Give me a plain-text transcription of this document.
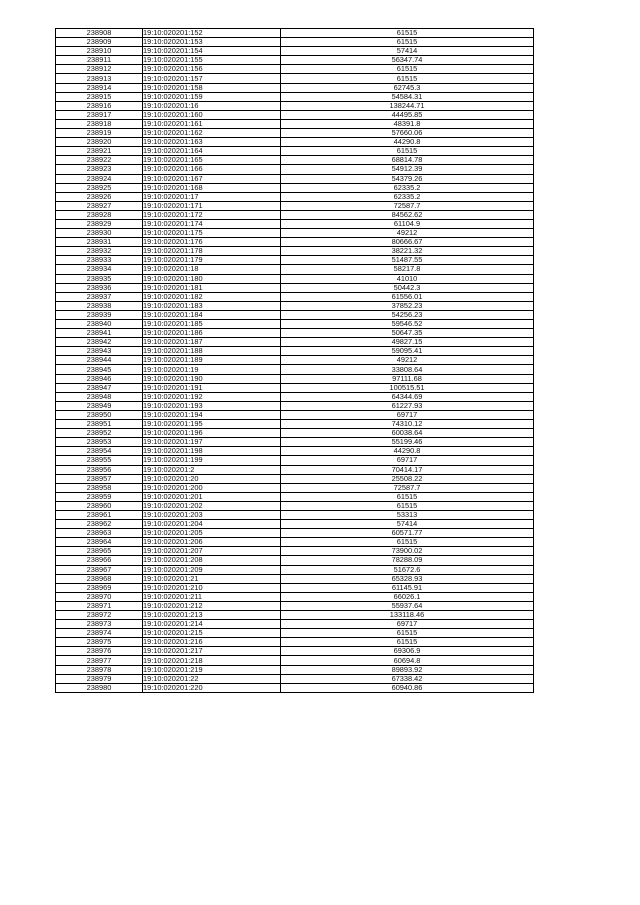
238908	19:10:020201:152	61515
238909	19:10:020201:153	61515
238910	19:10:020201:154	57414
238911	19:10:020201:155	56347.74
238912	19:10:020201:156	61515
238913	19:10:020201:157	61515
238914	19:10:020201:158	62745.3
238915	19:10:020201:159	54584.31
238916	19:10:020201:16	138244.71
238917	19:10:020201:160	44495.85
238918	19:10:020201:161	48391.8
238919	19:10:020201:162	57660.06
238920	19:10:020201:163	44290.8
238921	19:10:020201:164	61515
238922	19:10:020201:165	68814.78
238923	19:10:020201:166	54912.39
238924	19:10:020201:167	54379.26
238925	19:10:020201:168	62335.2
238926	19:10:020201:17	62335.2
238927	19:10:020201:171	72587.7
238928	19:10:020201:172	84562.62
238929	19:10:020201:174	61104.9
238930	19:10:020201:175	49212
238931	19:10:020201:176	80666.67
238932	19:10:020201:178	38221.32
238933	19:10:020201:179	51487.55
238934	19:10:020201:18	58217.8
238935	19:10:020201:180	41010
238936	19:10:020201:181	50442.3
238937	19:10:020201:182	61556.01
238938	19:10:020201:183	37852.23
238939	19:10:020201:184	54256.23
238940	19:10:020201:185	59546.52
238941	19:10:020201:186	50647.35
238942	19:10:020201:187	49827.15
238943	19:10:020201:188	59095.41
238944	19:10:020201:189	49212
238945	19:10:020201:19	33808.64
238946	19:10:020201:190	97111.68
238947	19:10:020201:191	100515.51
238948	19:10:020201:192	64344.69
238949	19:10:020201:193	61227.93
238950	19:10:020201:194	69717
238951	19:10:020201:195	74310.12
238952	19:10:020201:196	60038.64
238953	19:10:020201:197	55199.46
238954	19:10:020201:198	44290.8
238955	19:10:020201:199	69717
238956	19:10:020201:2	70414.17
238957	19:10:020201:20	25508.22
238958	19:10:020201:200	72587.7
238959	19:10:020201:201	61515
238960	19:10:020201:202	61515
238961	19:10:020201:203	53313
238962	19:10:020201:204	57414
238963	19:10:020201:205	60571.77
238964	19:10:020201:206	61515
238965	19:10:020201:207	73900.02
238966	19:10:020201:208	78288.09
238967	19:10:020201:209	51672.6
238968	19:10:020201:21	65328.93
238969	19:10:020201:210	61145.91
238970	19:10:020201:211	66026.1
238971	19:10:020201:212	55937.64
238972	19:10:020201:213	133118.46
238973	19:10:020201:214	69717
238974	19:10:020201:215	61515
238975	19:10:020201:216	61515
238976	19:10:020201:217	69306.9
238977	19:10:020201:218	60694.8
238978	19:10:020201:219	89893.92
238979	19:10:020201:22	67338.42
238980	19:10:020201:220	60940.86
